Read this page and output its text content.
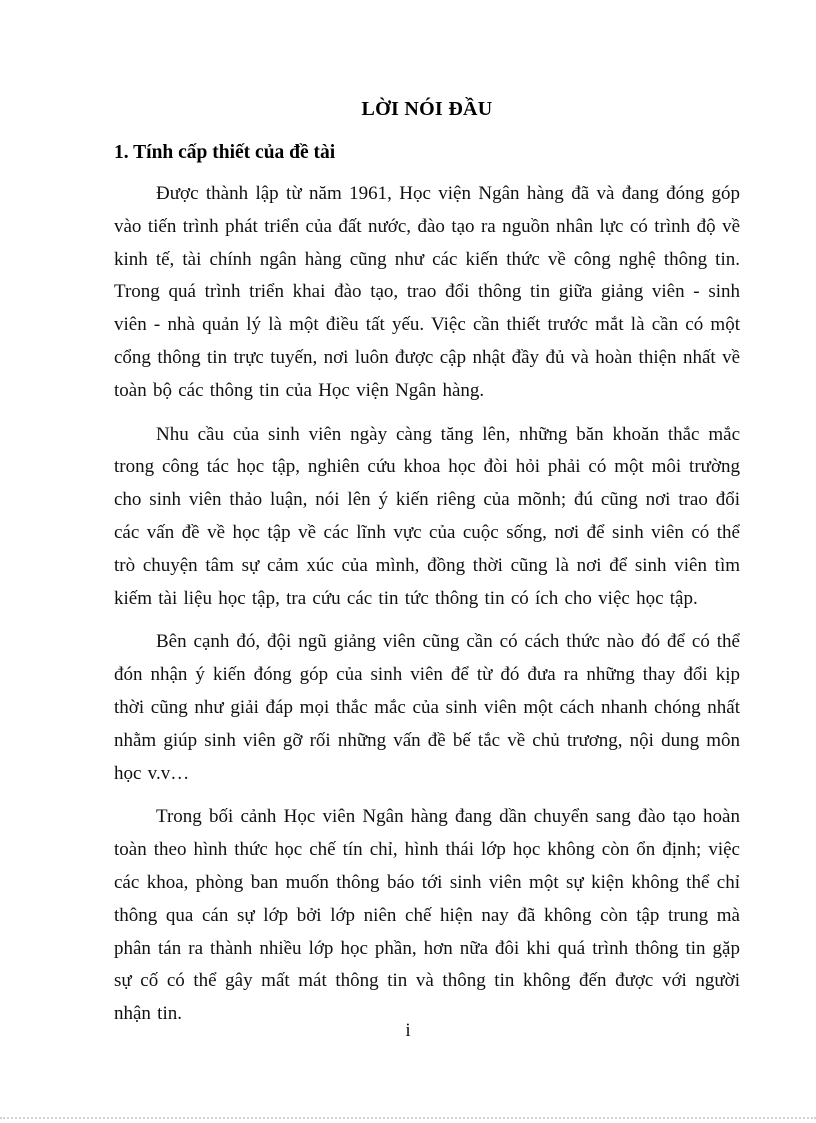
LỜI NÓI ĐẦU
1. Tính cấp thiết của đề tài

Được thành lập từ năm 1961, Học viện Ngân hàng đã và đang đóng góp vào tiến trình phát triển của đất nước, đào tạo ra nguồn nhân lực có trình độ về kinh tế, tài chính ngân hàng cũng như các kiến thức về công nghệ thông tin. Trong quá trình triển khai đào tạo, trao đổi thông tin giữa giảng viên - sinh viên - nhà quản lý là một điều tất yếu. Việc cần thiết trước mắt là cần có một cổng thông tin trực tuyến, nơi luôn được cập nhật đầy đủ và hoàn thiện nhất về toàn bộ các thông tin của Học viện Ngân hàng.

Nhu cầu của sinh viên ngày càng tăng lên, những băn khoăn thắc mắc trong công tác học tập, nghiên cứu khoa học đòi hỏi phải có một môi trường cho sinh viên thảo luận, nói lên ý kiến riêng của mõnh; đú cũng nơi trao đổi các vấn đề về học tập về các lĩnh vực của cuộc sống, nơi để sinh viên có thể trò chuyện tâm sự cảm xúc của mình, đồng thời cũng là nơi để sinh viên tìm kiếm tài liệu học tập, tra cứu các tin tức thông tin có ích cho việc học tập.

Bên cạnh đó, đội ngũ giảng viên cũng cần có cách thức nào đó để có thể đón nhận ý kiến đóng góp của sinh viên để từ đó đưa ra những thay đổi kịp thời cũng như giải đáp mọi thắc mắc của sinh viên một cách nhanh chóng nhất nhằm giúp sinh viên gỡ rối những vấn đề bế tắc về chủ trương, nội dung môn học v.v…

Trong bối cảnh Học viên Ngân hàng đang dần chuyển sang đào tạo hoàn toàn theo hình thức học chế tín chỉ, hình thái lớp học không còn ổn định; việc các khoa, phòng ban muốn thông báo tới sinh viên một sự kiện không thể chỉ thông qua cán sự lớp bởi lớp niên chế hiện nay đã không còn tập trung mà phân tán ra thành nhiều lớp học phần, hơn nữa đôi khi quá trình thông tin gặp sự cố có thể gây mất mát thông tin và thông tin không đến được với người nhận tin.

i
